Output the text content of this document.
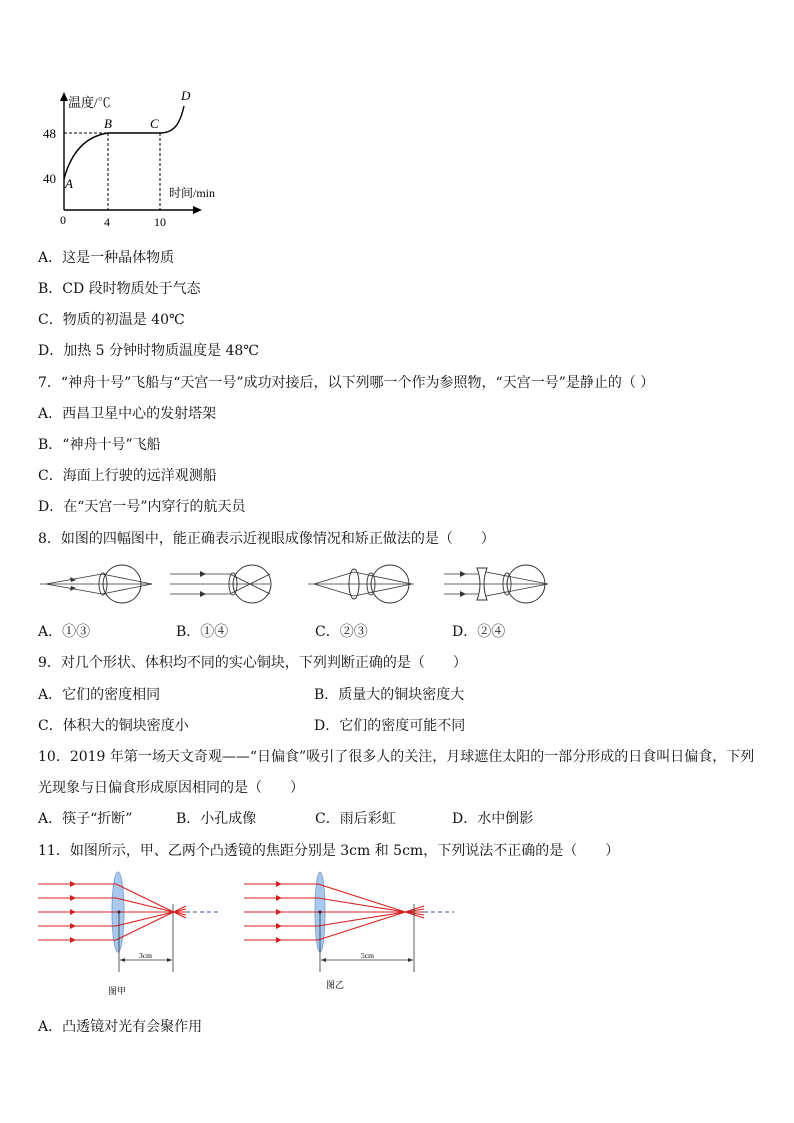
温度/℃
时间/min
48
40
0	4	10
A
B	C
D
A．这是一种晶体物质
B．CD 段时物质处于气态
C．物质的初温是 40℃
D．加热 5 分钟时物质温度是 48℃
7．“神舟十号”飞船与“天宫一号”成功对接后，以下列哪一个作为参照物，“天宫一号”是静止的（ ）
A．西昌卫星中心的发射塔架
B．“神舟十号”飞船
C．海面上行驶的远洋观测船
D．在“天宫一号”内穿行的航天员
8．如图的四幅图中，能正确表示近视眼成像情况和矫正做法的是（　　）
A．①③	B．①④	C．②③	D．②④
9．对几个形状、体积均不同的实心铜块，下列判断正确的是（　　）
A．它们的密度相同	B．质量大的铜块密度大
C．体积大的铜块密度小	D．它们的密度可能不同
10．2019 年第一场天文奇观——“日偏食”吸引了很多人的关注，月球遮住太阳的一部分形成的日食叫日偏食，下列
光现象与日偏食形成原因相同的是（　　）
A．筷子“折断”	B．小孔成像	C．雨后彩虹	D．水中倒影
11．如图所示，甲、乙两个凸透镜的焦距分别是 3cm 和 5cm，下列说法不正确的是（　　）
3cm
图甲
5cm
图乙
A．凸透镜对光有会聚作用
